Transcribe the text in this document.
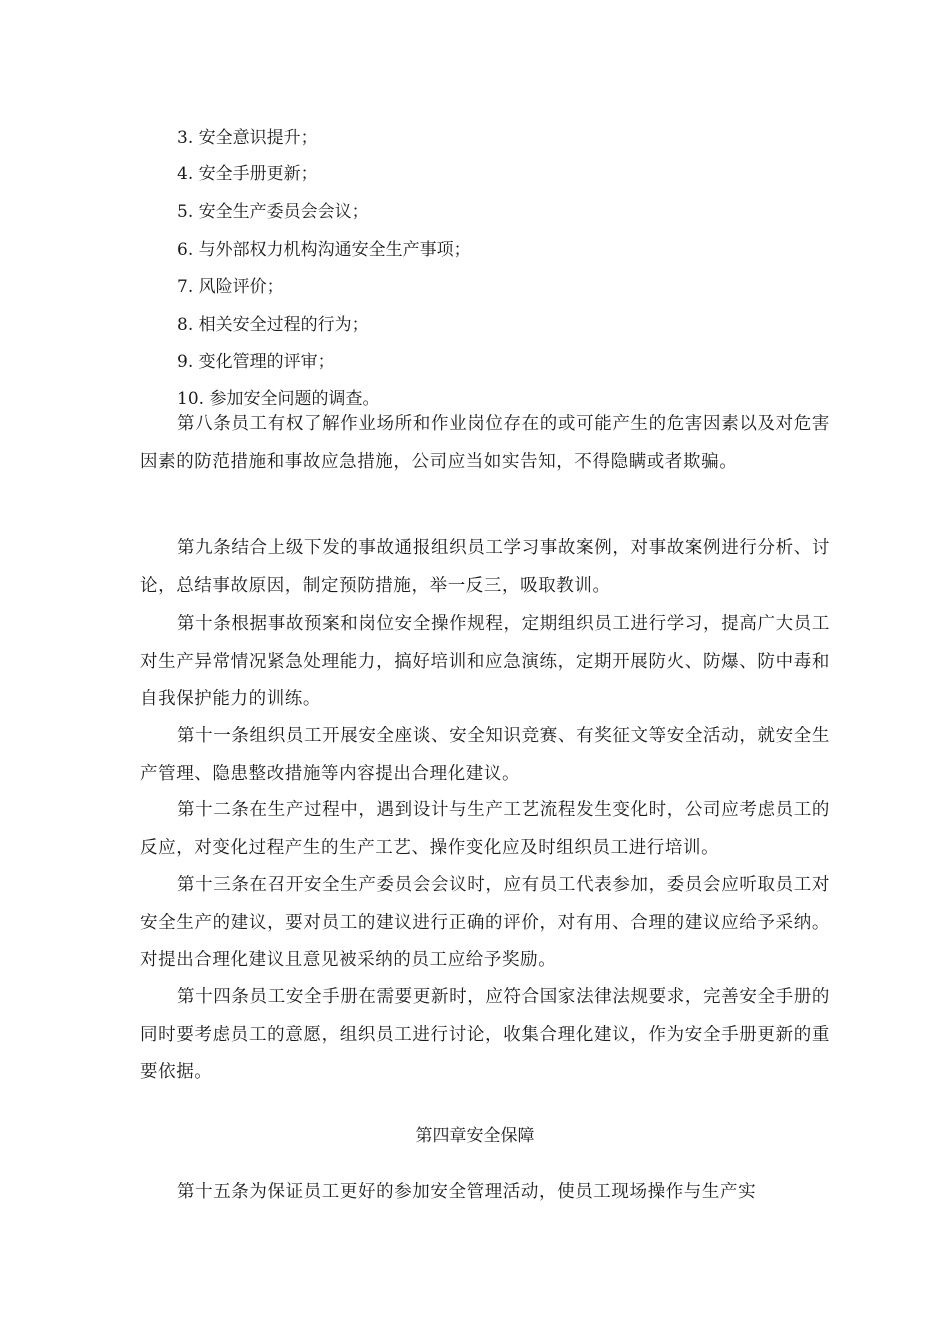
3. 安全意识提升；
4. 安全手册更新；
5. 安全生产委员会会议；
6. 与外部权力机构沟通安全生产事项；
7. 风险评价；
8. 相关安全过程的行为；
9. 变化管理的评审；
10. 参加安全问题的调查。

第八条员工有权了解作业场所和作业岗位存在的或可能产生的危害因素以及对危害因素的防范措施和事故应急措施，公司应当如实告知，不得隐瞒或者欺骗。

第九条结合上级下发的事故通报组织员工学习事故案例，对事故案例进行分析、讨论，总结事故原因，制定预防措施，举一反三，吸取教训。

第十条根据事故预案和岗位安全操作规程，定期组织员工进行学习，提高广大员工对生产异常情况紧急处理能力，搞好培训和应急演练，定期开展防火、防爆、防中毒和自我保护能力的训练。

第十一条组织员工开展安全座谈、安全知识竞赛、有奖征文等安全活动，就安全生产管理、隐患整改措施等内容提出合理化建议。

第十二条在生产过程中，遇到设计与生产工艺流程发生变化时，公司应考虑员工的反应，对变化过程产生的生产工艺、操作变化应及时组织员工进行培训。

第十三条在召开安全生产委员会会议时，应有员工代表参加，委员会应听取员工对安全生产的建议，要对员工的建议进行正确的评价，对有用、合理的建议应给予采纳。对提出合理化建议且意见被采纳的员工应给予奖励。

第十四条员工安全手册在需要更新时，应符合国家法律法规要求，完善安全手册的同时要考虑员工的意愿，组织员工进行讨论，收集合理化建议，作为安全手册更新的重要依据。

第四章安全保障

第十五条为保证员工更好的参加安全管理活动，使员工现场操作与生产实
